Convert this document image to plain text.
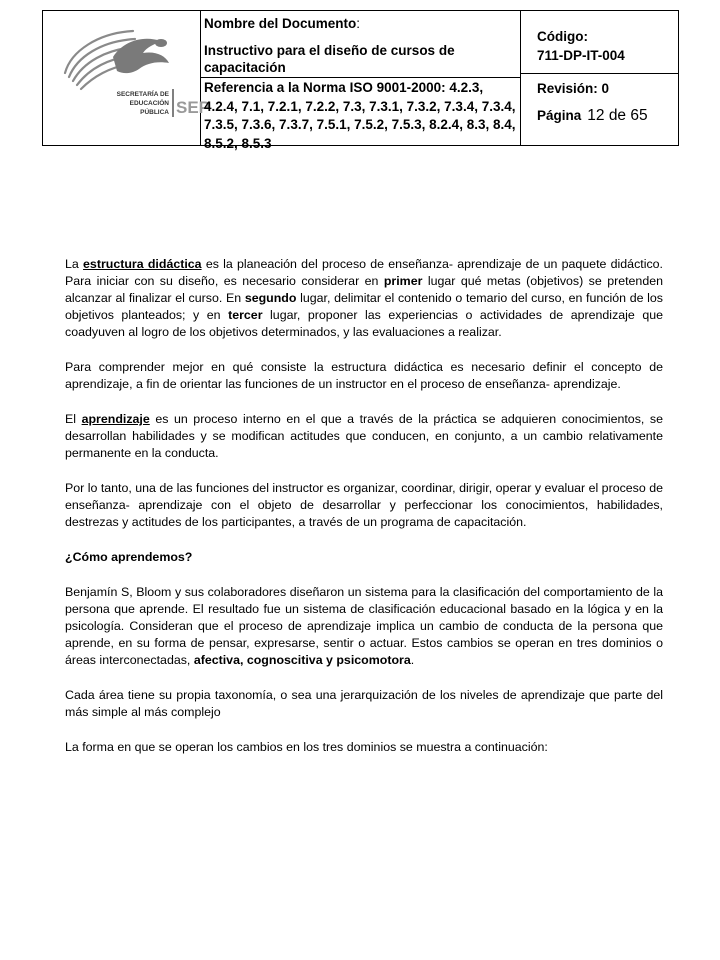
SECRETARÍA DE
EDUCACIÓN
PÚBLICA SEP
Nombre del Documento:
Instructivo para el diseño de cursos de capacitación
Referencia a la Norma ISO 9001-2000: 4.2.3, 4.2.4, 7.1, 7.2.1, 7.2.2, 7.3, 7.3.1, 7.3.2, 7.3.4, 7.3.4, 7.3.5, 7.3.6, 7.3.7, 7.5.1, 7.5.2, 7.5.3, 8.2.4, 8.3, 8.4, 8.5.2, 8.5.3
Código:
711-DP-IT-004
Revisión: 0
Página 12 de 65

La estructura didáctica es la planeación del proceso de enseñanza- aprendizaje de un paquete didáctico. Para iniciar con su diseño, es necesario considerar en primer lugar qué metas (objetivos) se pretenden alcanzar al finalizar el curso. En segundo lugar, delimitar el contenido o temario del curso, en función de los objetivos planteados; y en tercer lugar, proponer las experiencias o actividades de aprendizaje que coadyuven al logro de los objetivos determinados, y las evaluaciones a realizar.

Para comprender mejor en qué consiste la estructura didáctica es necesario definir el concepto de aprendizaje, a fin de orientar las funciones de un instructor en el proceso de enseñanza- aprendizaje.

El aprendizaje es un proceso interno en el que a través de la práctica se adquieren conocimientos, se desarrollan habilidades y se modifican actitudes que conducen, en conjunto, a un cambio relativamente permanente en la conducta.

Por lo tanto, una de las funciones del instructor es organizar, coordinar, dirigir, operar y evaluar el proceso de enseñanza- aprendizaje con el objeto de desarrollar y perfeccionar los conocimientos, habilidades, destrezas y actitudes de los participantes, a través de un programa de capacitación.

¿Cómo aprendemos?

Benjamín S, Bloom y sus colaboradores diseñaron un sistema para la clasificación del comportamiento de la persona que aprende. El resultado fue un sistema de clasificación educacional basado en la lógica y en la psicología. Consideran que el proceso de aprendizaje implica un cambio de conducta de la persona que aprende, en su forma de pensar, expresarse, sentir o actuar. Estos cambios se operan en tres dominios o áreas interconectadas, afectiva, cognoscitiva y psicomotora.

Cada área tiene su propia taxonomía, o sea una jerarquización de los niveles de aprendizaje que parte del más simple al más complejo

La forma en que se operan los cambios en los tres dominios se muestra a continuación:
